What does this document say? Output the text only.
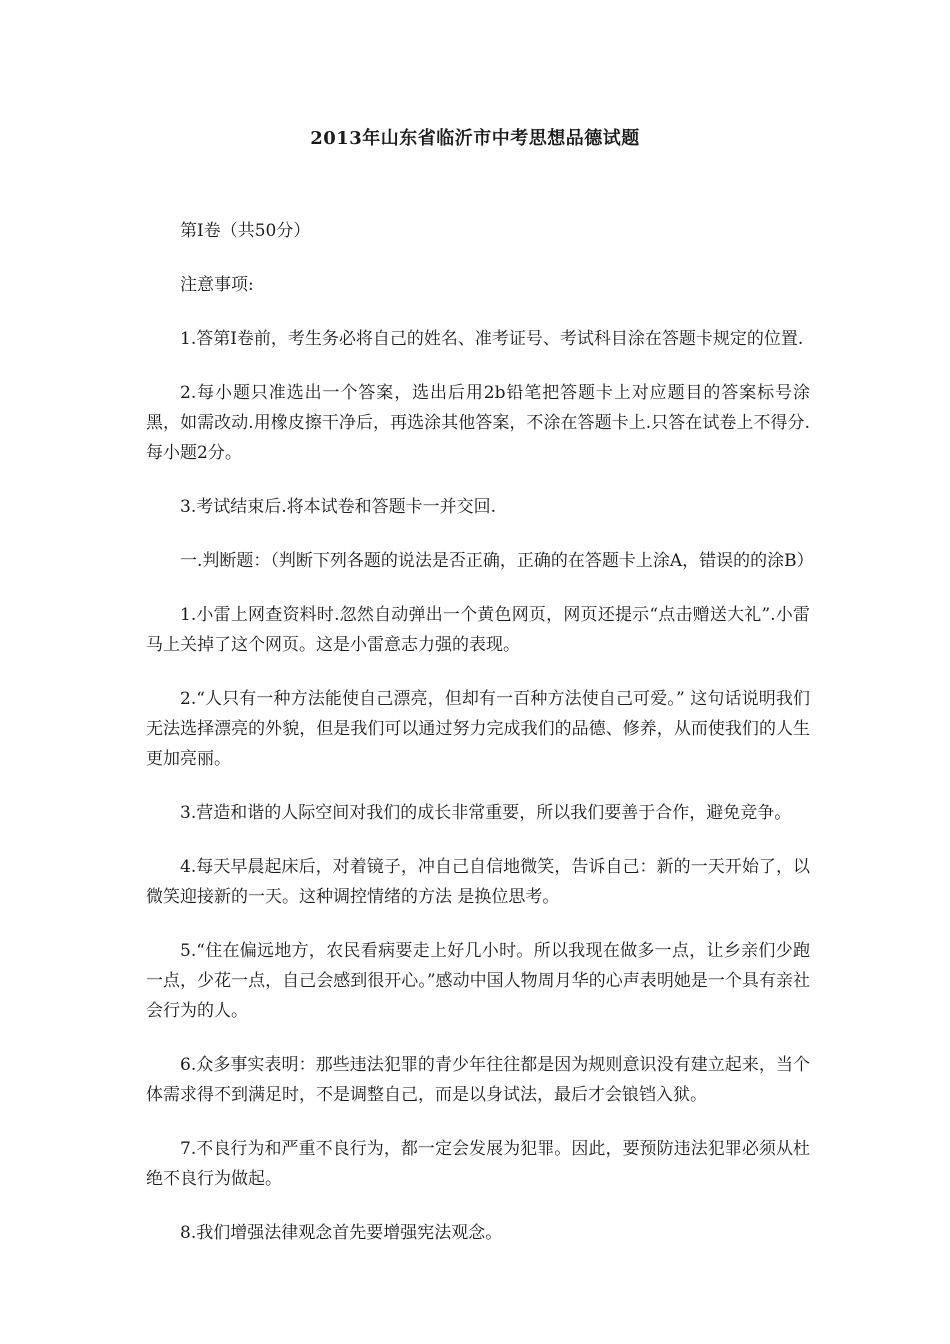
2013年山东省临沂市中考思想品德试题

第Ⅰ卷（共50分）

注意事项:

1.答第Ⅰ卷前，考生务必将自己的姓名、准考证号、考试科目涂在答题卡规定的位置.

2.每小题只准选出一个答案，选出后用2b铅笔把答题卡上对应题目的答案标号涂黑，如需改动.用橡皮擦干净后，再选涂其他答案，不涂在答题卡上.只答在试卷上不得分.每小题2分。

3.考试结束后.将本试卷和答题卡一并交回.

一.判断题：（判断下列各题的说法是否正确，正确的在答题卡上涂A，错误的的涂B）

1.小雷上网查资料时.忽然自动弹出一个黄色网页，网页还提示“点击赠送大礼”.小雷马上关掉了这个网页。这是小雷意志力强的表现。

2.“人只有一种方法能使自己漂亮，但却有一百种方法使自己可爱。” 这句话说明我们无法选择漂亮的外貌，但是我们可以通过努力完成我们的品德、修养，从而使我们的人生更加亮丽。

3.营造和谐的人际空间对我们的成长非常重要，所以我们要善于合作，避免竞争。

4.每天早晨起床后，对着镜子，冲自己自信地微笑，告诉自己：新的一天开始了，以微笑迎接新的一天。这种调控情绪的方法 是换位思考。

5.“住在偏远地方，农民看病要走上好几小时。所以我现在做多一点，让乡亲们少跑一点，少花一点，自己会感到很开心。”感动中国人物周月华的心声表明她是一个具有亲社会行为的人。

6.众多事实表明：那些违法犯罪的青少年往往都是因为规则意识没有建立起来，当个体需求得不到满足时，不是调整自己，而是以身试法，最后才会锒铛入狱。

7.不良行为和严重不良行为，都一定会发展为犯罪。因此，要预防违法犯罪必须从杜绝不良行为做起。

8.我们增强法律观念首先要增强宪法观念。
